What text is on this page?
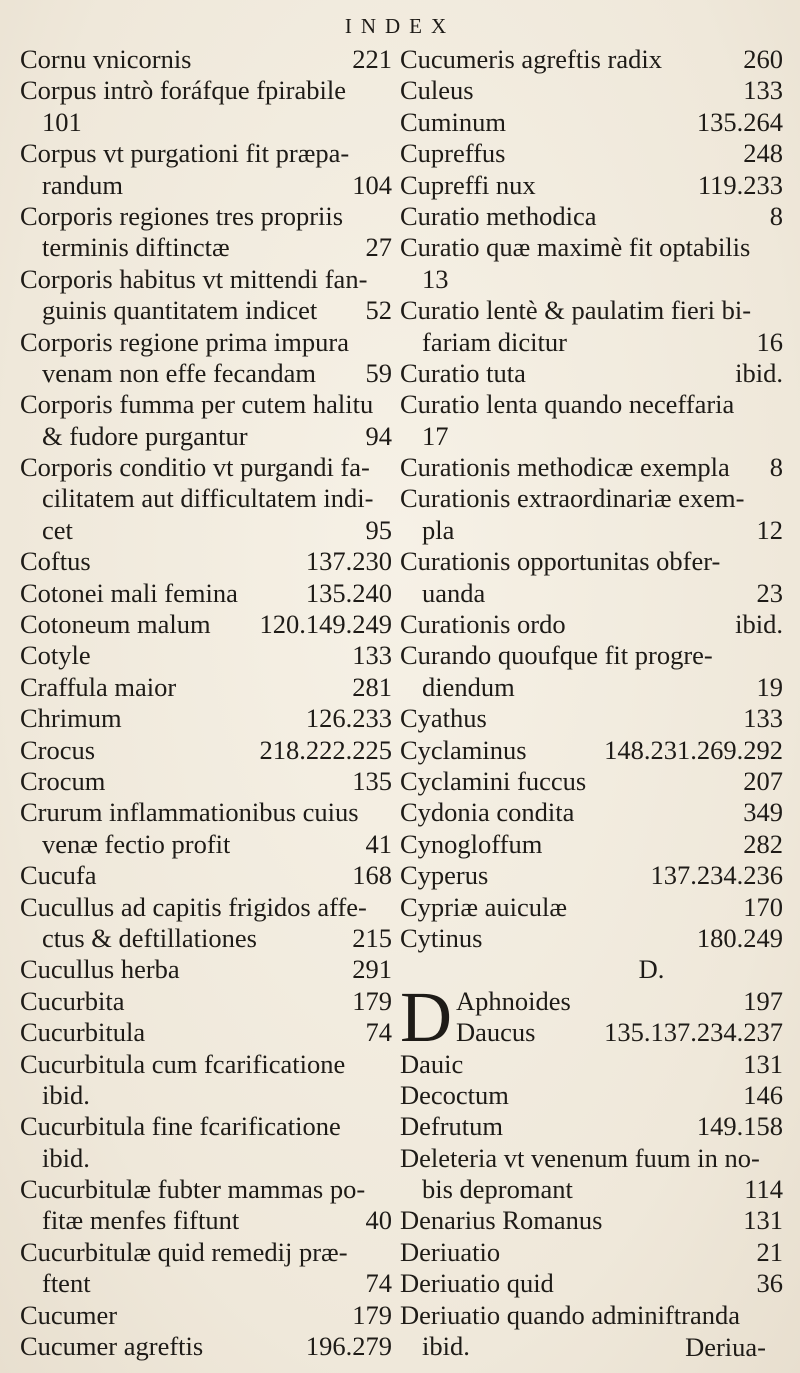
INDEX
Cornu vnicornis	221
Corpus intrò foráfque fpirabile
101
Corpus vt purgationi fit præpa-
randum	104
Corporis regiones tres propriis
terminis diftinctæ	27
Corporis habitus vt mittendi fan-
guinis quantitatem indicet 52
Corporis regione prima impura
venam non effe fecandam 59
Corporis fumma per cutem halitu
& fudore purgantur	94
Corporis conditio vt purgandi fa-
cilitatem aut difficultatem indi-
cet	95
Coftus	137.230
Cotonei mali femina	135.240
Cotoneum malum 120.149.249
Cotyle	133
Craffula maior	281
Chrimum	126.233
Crocus	218.222.225
Crocum	135
Crurum inflammationibus cuius
venæ fectio profit	41
Cucufa	168
Cucullus ad capitis frigidos affe-
ctus & deftillationes	215
Cucullus herba	291
Cucurbita	179
Cucurbitula	74
Cucurbitula cum fcarificatione
ibid.
Cucurbitula fine fcarificatione
ibid.
Cucurbitulæ fubter mammas po-
fitæ menfes fiftunt	40
Cucurbitulæ quid remedij præ-
ftent	74
Cucumer	179
Cucumer agreftis	196.279
Cucumeris agreftis radix	260
Culeus	133
Cuminum	135.264
Cupreffus	248
Cupreffi nux	119.233
Curatio methodica	8
Curatio quæ maximè fit optabilis
13
Curatio lentè & paulatim fieri bi-
fariam dicitur	16
Curatio tuta	ibid.
Curatio lenta quando neceffaria
17
Curationis methodicæ exempla 8
Curationis extraordinariæ exem-
pla	12
Curationis opportunitas obfer-
uanda	23
Curationis ordo	ibid.
Curando quoufque fit progre-
diendum	19
Cyathus	133
Cyclaminus	148.231.269.292
Cyclamini fuccus	207
Cydonia condita	349
Cynogloffum	282
Cyperus	137.234.236
Cypriæ auiculæ	170
Cytinus	180.249
D.
D Aphnoides	197
Daucus	135.137.234.237
Dauic	131
Decoctum	146
Defrutum	149.158
Deleteria vt venenum fuum in no-
bis depromant	114
Denarius Romanus	131
Deriuatio	21
Deriuatio quid	36
Deriuatio quando adminiftranda
ibid.	Deriua-
